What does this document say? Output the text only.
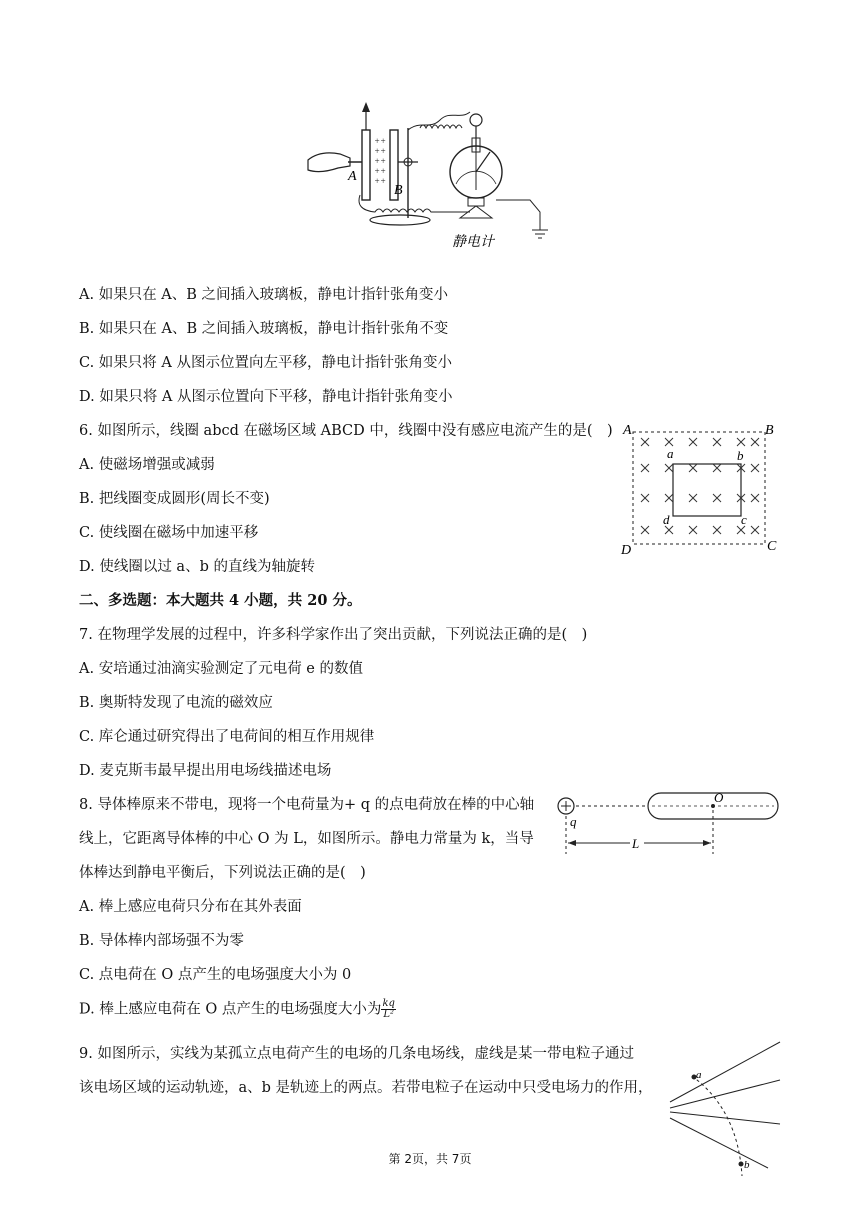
A
+
+
+
+
+
+
+
+
+
+
B
静电计
A. 如果只在 A、B 之间插入玻璃板，静电计指针张角变小
B. 如果只在 A、B 之间插入玻璃板，静电计指针张角不变
C. 如果只将 A 从图示位置向左平移，静电计指针张角变小
D. 如果只将 A 从图示位置向下平移，静电计指针张角变小
6. 如图所示，线圈 abcd 在磁场区域 ABCD 中，线圈中没有感应电流产生的是(　)
A. 使磁场增强或减弱
B. 把线圈变成圆形(周长不变)
C. 使线圈在磁场中加速平移
D. 使线圈以过 a、b 的直线为轴旋转
A	B
C
D
a	b
c
d
二、多选题：本大题共 4 小题，共 20 分。
7. 在物理学发展的过程中，许多科学家作出了突出贡献，下列说法正确的是(　)
A. 安培通过油滴实验测定了元电荷 e 的数值
B. 奥斯特发现了电流的磁效应
C. 库仑通过研究得出了电荷间的相互作用规律
D. 麦克斯韦最早提出用电场线描述电场
8. 导体棒原来不带电，现将一个电荷量为+ q 的点电荷放在棒的中心轴
线上，它距离导体棒的中心 O 为 L，如图所示。静电力常量为 k，当导
体棒达到静电平衡后，下列说法正确的是(　)
A. 棒上感应电荷只分布在其外表面
B. 导体棒内部场强不为零
C. 点电荷在 O 点产生的电场强度大小为 0
D. 棒上感应电荷在 O 点产生的电场强度大小为 $\frac{kq}{\text{L²}}$
q
O
L
9. 如图所示，实线为某孤立点电荷产生的电场的几条电场线，虚线是某一带电粒子通过
该电场区域的运动轨迹，a、b 是轨迹上的两点。若带电粒子在运动中只受电场力的作用，
a
b
第 2页，共 7页
